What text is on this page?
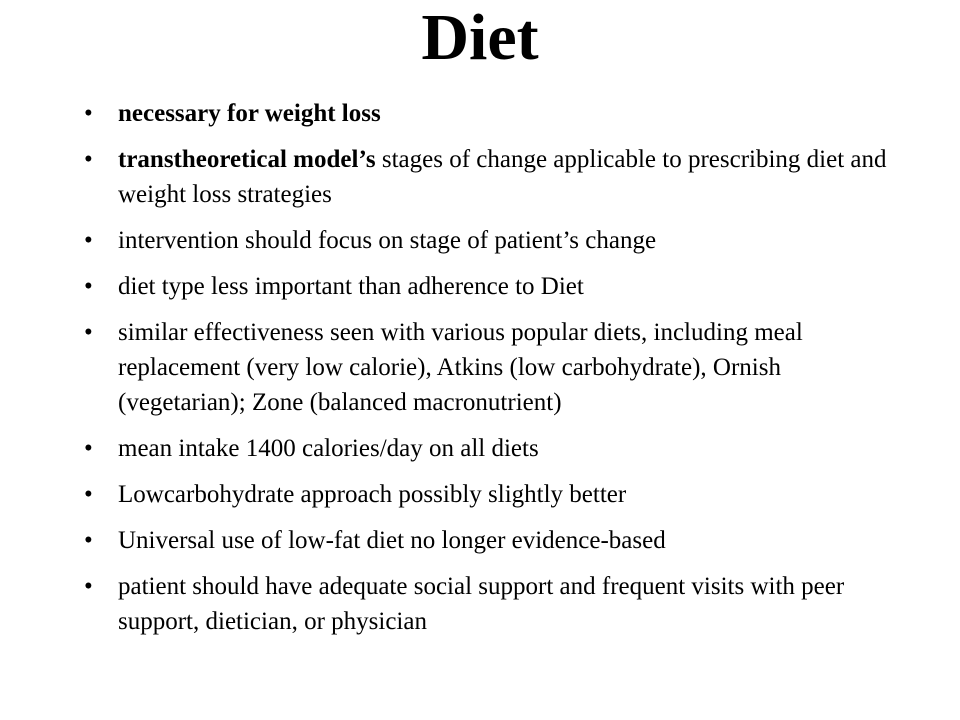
Diet
• necessary for weight loss
• transtheoretical model’s stages of change applicable to prescribing diet and weight loss strategies
• intervention should focus on stage of patient’s change
• diet type less important than adherence to Diet
• similar effectiveness seen with various popular diets, including meal replacement (very low calorie), Atkins (low carbohydrate), Ornish (vegetarian); Zone (balanced macronutrient)
• mean intake 1400 calories/day on all diets
• Lowcarbohydrate approach possibly slightly better
• Universal use of low-fat diet no longer evidence-based
• patient should have adequate social support and frequent visits with peer support, dietician, or physician
